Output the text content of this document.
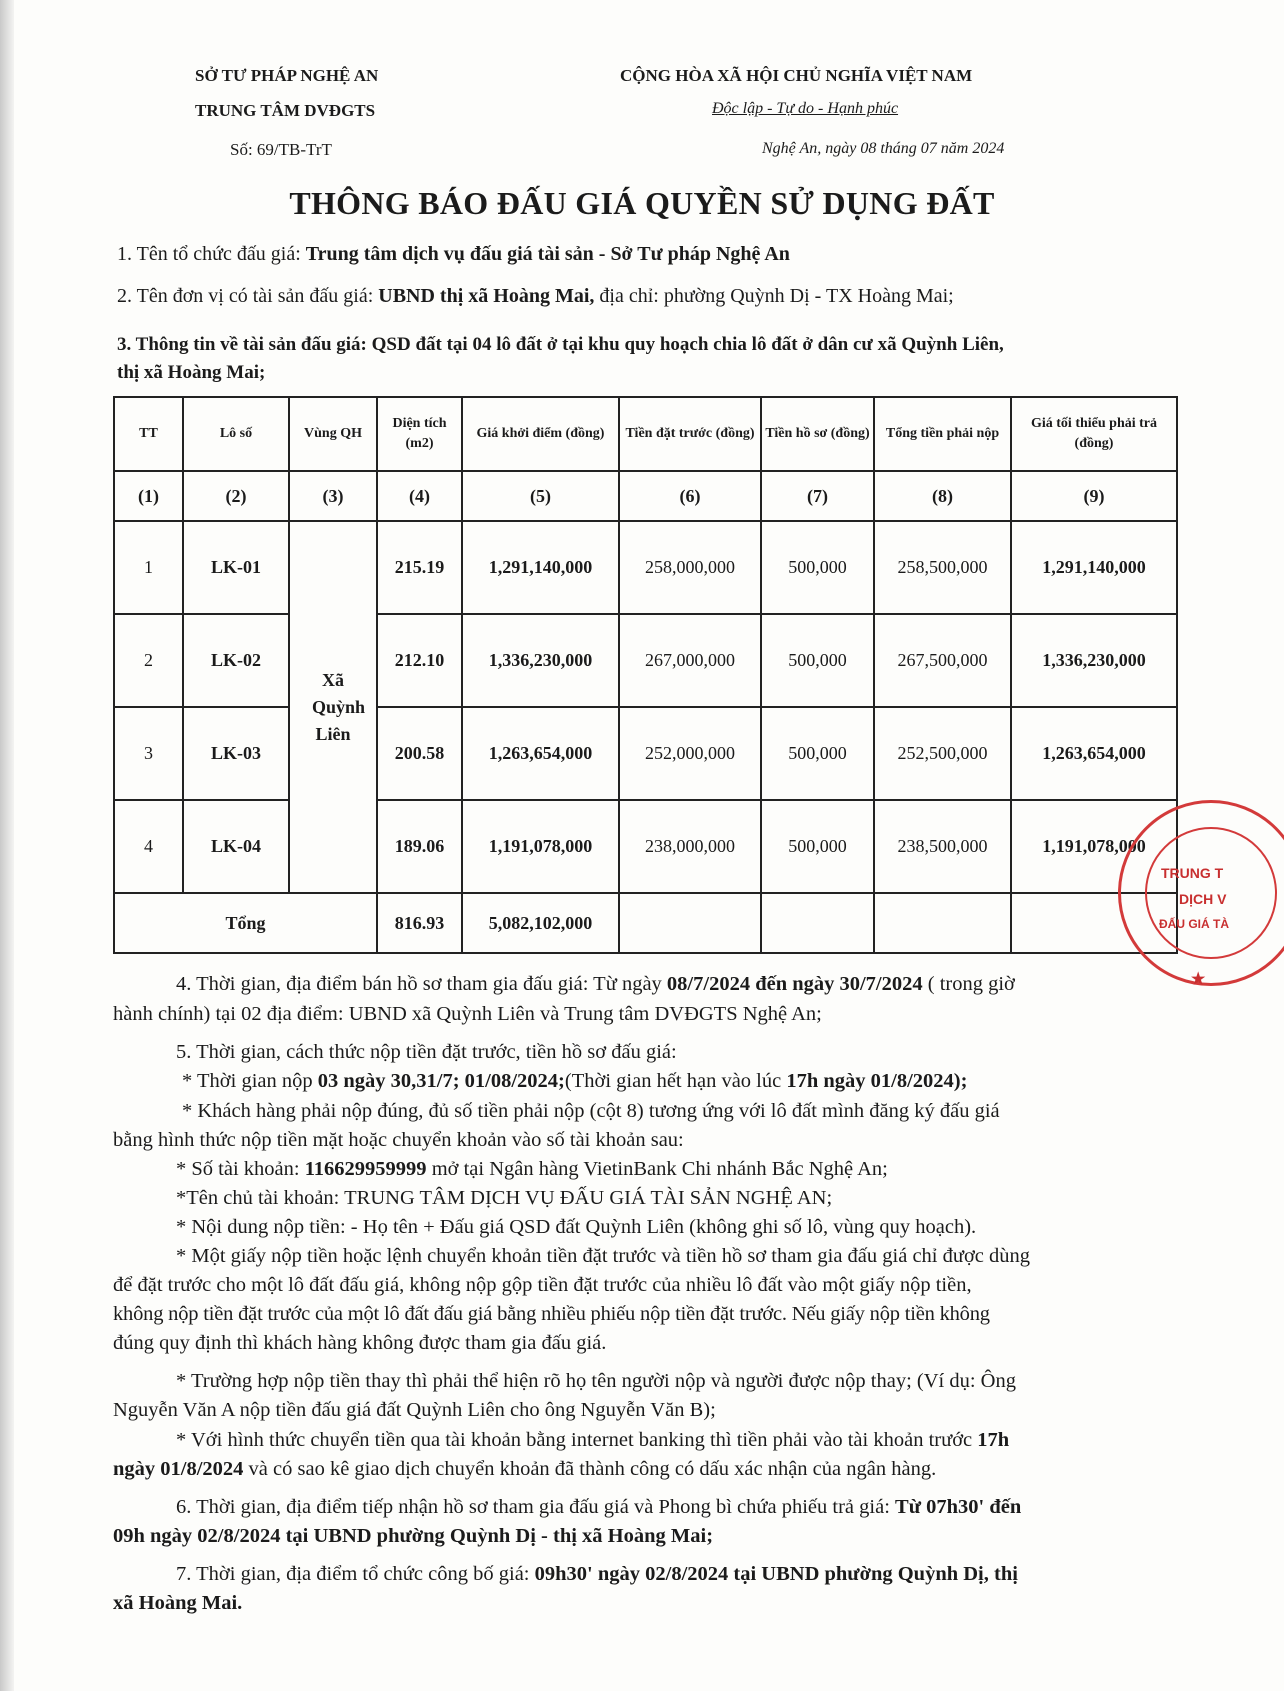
SỞ TƯ PHÁP NGHỆ AN
TRUNG TÂM DVĐGTS
Số: 69/TB-TrT
CỘNG HÒA XÃ HỘI CHỦ NGHĨA VIỆT NAM
Độc lập - Tự do - Hạnh phúc
Nghệ An, ngày 08 tháng 07 năm 2024
THÔNG BÁO ĐẤU GIÁ QUYỀN SỬ DỤNG ĐẤT
1. Tên tổ chức đấu giá: Trung tâm dịch vụ đấu giá tài sản - Sở Tư pháp Nghệ An
2. Tên đơn vị có tài sản đấu giá: UBND thị xã Hoàng Mai, địa chỉ: phường Quỳnh Dị - TX Hoàng Mai;
3. Thông tin về tài sản đấu giá: QSD đất tại 04 lô đất ở tại khu quy hoạch chia lô đất ở dân cư xã Quỳnh Liên,
thị xã Hoàng Mai;
TT	Lô số	Vùng QH	Diện tích (m2)	Giá khởi điểm (đồng)	Tiền đặt trước (đồng)	Tiền hồ sơ (đồng)	Tổng tiền phải nộp	Giá tối thiểu phải trả (đồng)
(1)	(2)	(3)	(4)	(5)	(6)	(7)	(8)	(9)
1	LK-01	Xã Quỳnh Liên	215.19	1,291,140,000	258,000,000	500,000	258,500,000	1,291,140,000
2	LK-02		212.10	1,336,230,000	267,000,000	500,000	267,500,000	1,336,230,000
3	LK-03		200.58	1,263,654,000	252,000,000	500,000	252,500,000	1,263,654,000
4	LK-04		189.06	1,191,078,000	238,000,000	500,000	238,500,000	1,191,078,000
Tổng			816.93	5,082,102,000				
TRUNG T
DỊCH V
ĐẤU GIÁ TÀ
★
4. Thời gian, địa điểm bán hồ sơ tham gia đấu giá: Từ ngày 08/7/2024 đến ngày 30/7/2024 ( trong giờ
hành chính) tại 02 địa điểm: UBND xã Quỳnh Liên và Trung tâm DVĐGTS Nghệ An;
5. Thời gian, cách thức nộp tiền đặt trước, tiền hồ sơ đấu giá:
* Thời gian nộp 03 ngày 30,31/7; 01/08/2024;(Thời gian hết hạn vào lúc 17h ngày 01/8/2024);
* Khách hàng phải nộp đúng, đủ số tiền phải nộp (cột 8) tương ứng với lô đất mình đăng ký đấu giá
bằng hình thức nộp tiền mặt hoặc chuyển khoản vào số tài khoản sau:
* Số tài khoản: 116629959999 mở tại Ngân hàng VietinBank Chi nhánh Bắc Nghệ An;
*Tên chủ tài khoản: TRUNG TÂM DỊCH VỤ ĐẤU GIÁ TÀI SẢN NGHỆ AN;
* Nội dung nộp tiền: - Họ tên + Đấu giá QSD đất Quỳnh Liên (không ghi số lô, vùng quy hoạch).
* Một giấy nộp tiền hoặc lệnh chuyển khoản tiền đặt trước và tiền hồ sơ tham gia đấu giá chỉ được dùng
để đặt trước cho một lô đất đấu giá, không nộp gộp tiền đặt trước của nhiều lô đất vào một giấy nộp tiền,
không nộp tiền đặt trước của một lô đất đấu giá bằng nhiều phiếu nộp tiền đặt trước. Nếu giấy nộp tiền không
đúng quy định thì khách hàng không được tham gia đấu giá.
* Trường hợp nộp tiền thay thì phải thể hiện rõ họ tên người nộp và người được nộp thay; (Ví dụ: Ông
Nguyễn Văn A nộp tiền đấu giá đất Quỳnh Liên cho ông Nguyễn Văn B);
* Với hình thức chuyển tiền qua tài khoản bằng internet banking thì tiền phải vào tài khoản trước 17h
ngày 01/8/2024 và có sao kê giao dịch chuyển khoản đã thành công có dấu xác nhận của ngân hàng.
6. Thời gian, địa điểm tiếp nhận hồ sơ tham gia đấu giá và Phong bì chứa phiếu trả giá: Từ 07h30' đến
09h ngày 02/8/2024 tại UBND phường Quỳnh Dị - thị xã Hoàng Mai;
7. Thời gian, địa điểm tổ chức công bố giá: 09h30' ngày 02/8/2024 tại UBND phường Quỳnh Dị, thị
xã Hoàng Mai.
